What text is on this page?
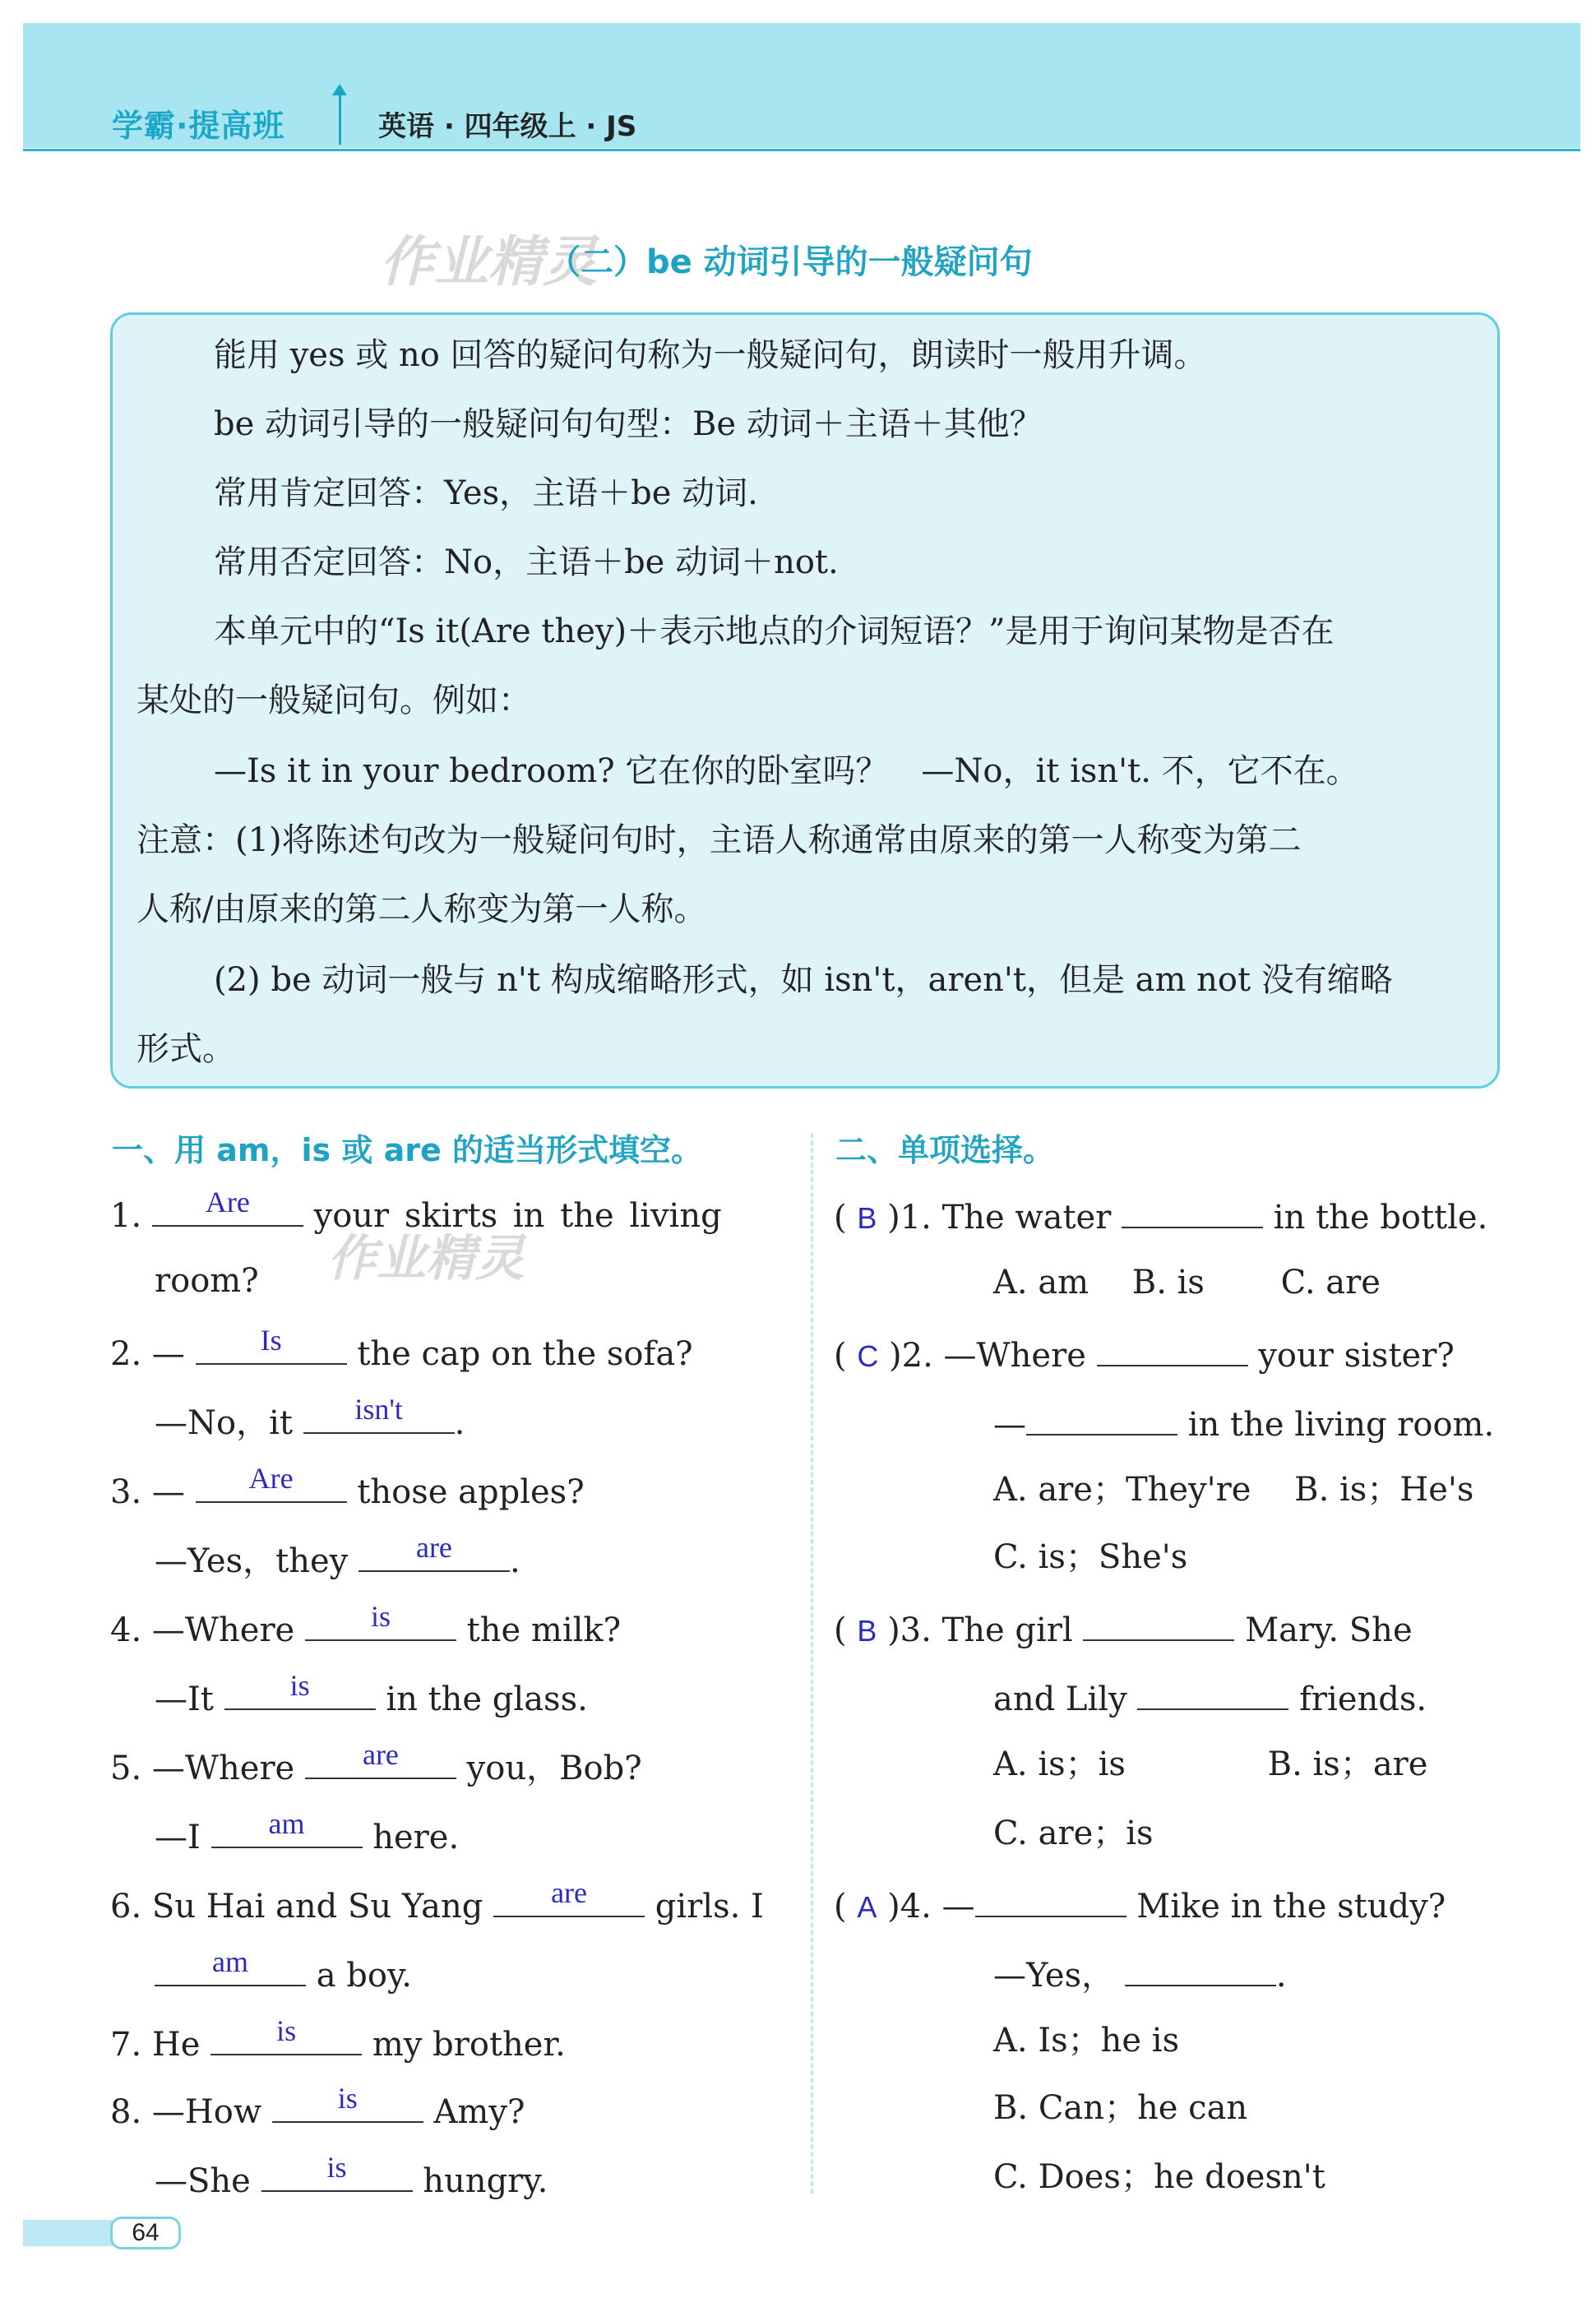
学霸·提高班	英语 · 四年级上 · JS
作业精灵
（二）be 动词引导的一般疑问句
能用 yes 或 no 回答的疑问句称为一般疑问句，朗读时一般用升调。
be 动词引导的一般疑问句句型：Be 动词＋主语＋其他？
常用肯定回答：Yes，主语＋be 动词.
常用否定回答：No，主语＋be 动词＋not.
本单元中的“Is it(Are they)＋表示地点的介词短语？”是用于询问某物是否在
某处的一般疑问句。例如：
—Is it in your bedroom? 它在你的卧室吗？　—No，it isn't. 不，它不在。
注意：(1)将陈述句改为一般疑问句时，主语人称通常由原来的第一人称变为第二
人称/由原来的第二人称变为第一人称。
(2) be 动词一般与 n't 构成缩略形式，如 isn't，aren't，但是 am not 没有缩略
形式。
一、用 am，is 或 are 的适当形式填空。
作业精灵
1.	Are	your skirts in the living
room?
2. —	Is	the cap on the sofa?
—No，it	isn't	.
3. —	Are	those apples?
—Yes，they	are	.
4. —Where	is	the milk?
—It	is	in the glass.
5. —Where	are	you，Bob?
—I	am	here.
6. Su Hai and Su Yang	are	girls. I
am	a boy.
7. He	is	my brother.
8. —How	is	Amy?
—She	is	hungry.
二、单项选择。
( B )1. The water	in the bottle.
A. am　 B. is　　 C. are
( C )2. —Where	your sister?
—	in the living room.
A. are；They're　 B. is；He's
C. is；She's
( B )3. The girl	Mary. She
and Lily	friends.
A. is；is　　　　 B. is；are
C. are；is
( A )4. —	Mike in the study?
—Yes，	.
A. Is；he is
B. Can；he can
C. Does；he doesn't
64
